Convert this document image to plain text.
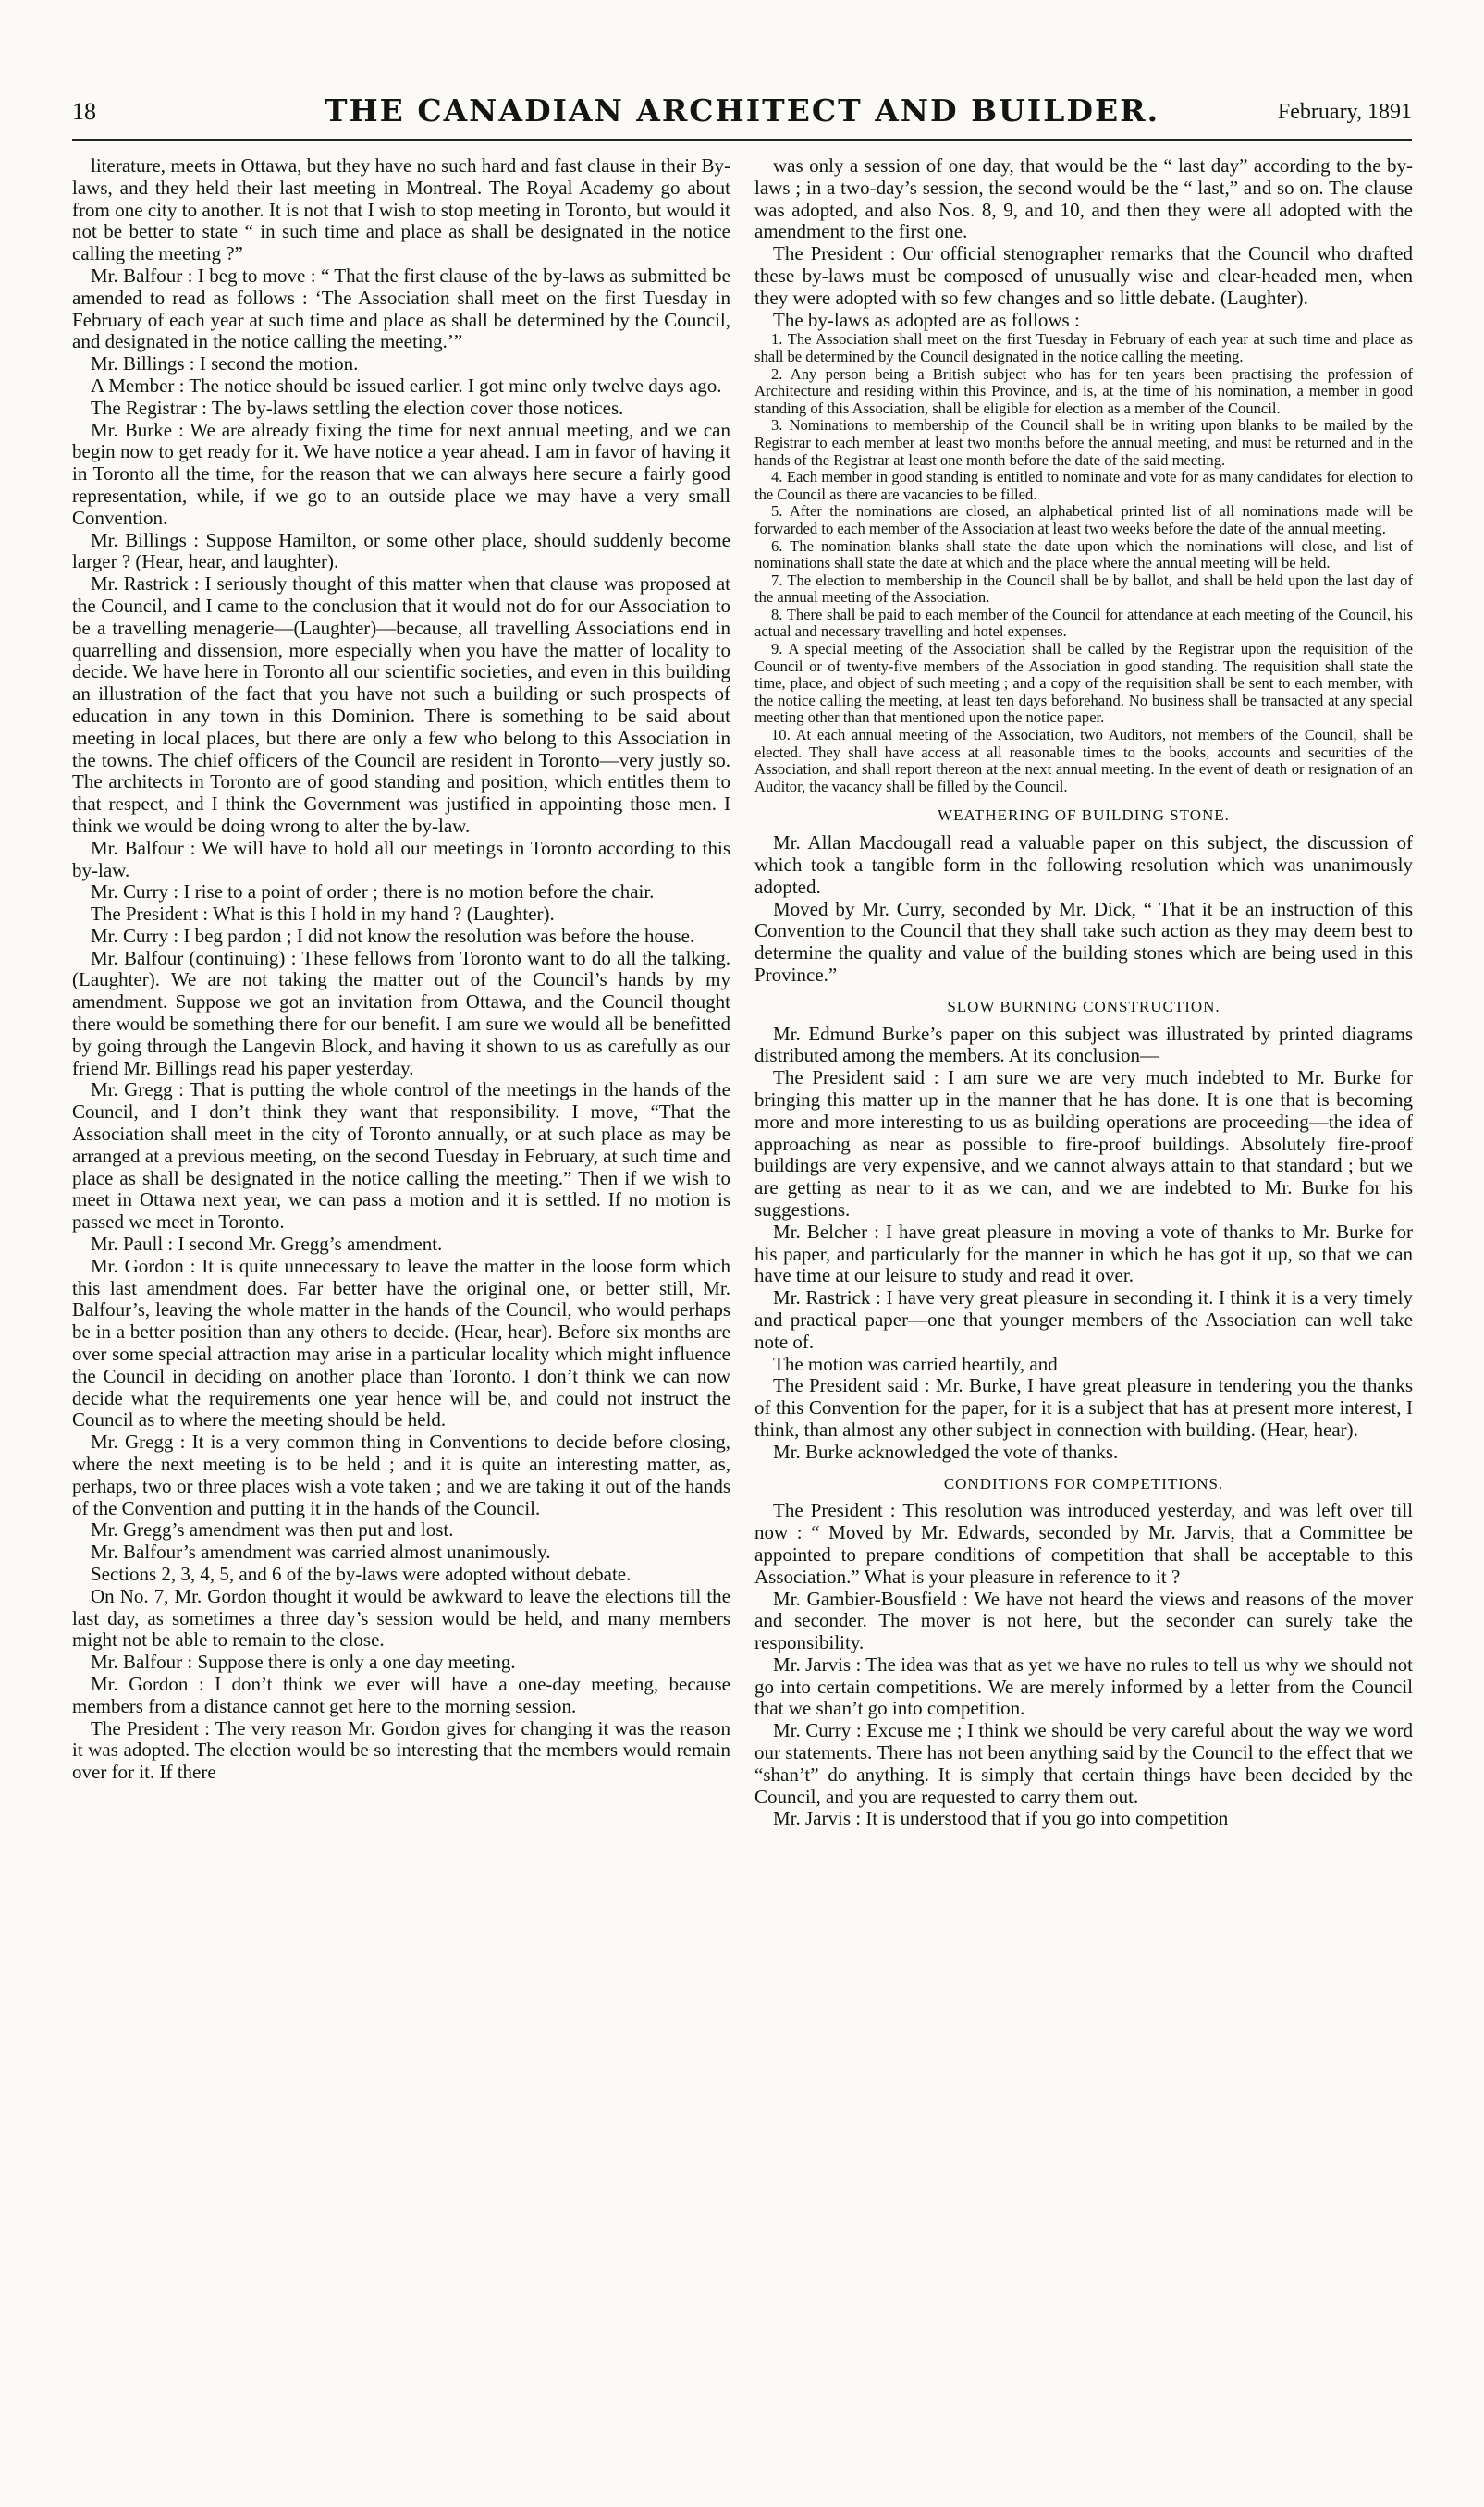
18	THE CANADIAN ARCHITECT AND BUILDER.	February, 1891

literature, meets in Ottawa, but they have no such hard and fast clause in their By-laws, and they held their last meeting in Montreal. The Royal Academy go about from one city to another. It is not that I wish to stop meeting in Toronto, but would it not be better to state “ in such time and place as shall be designated in the notice calling the meeting ?”

Mr. Balfour : I beg to move : “ That the first clause of the by-laws as submitted be amended to read as follows : ‘The Association shall meet on the first Tuesday in February of each year at such time and place as shall be determined by the Council, and designated in the notice calling the meeting.’”

Mr. Billings : I second the motion.

A Member : The notice should be issued earlier. I got mine only twelve days ago.

The Registrar : The by-laws settling the election cover those notices.

Mr. Burke : We are already fixing the time for next annual meeting, and we can begin now to get ready for it. We have notice a year ahead. I am in favor of having it in Toronto all the time, for the reason that we can always here secure a fairly good representation, while, if we go to an outside place we may have a very small Convention.

Mr. Billings : Suppose Hamilton, or some other place, should suddenly become larger ? (Hear, hear, and laughter).

Mr. Rastrick : I seriously thought of this matter when that clause was proposed at the Council, and I came to the conclusion that it would not do for our Association to be a travelling menagerie—(Laughter)—because, all travelling Associations end in quarrelling and dissension, more especially when you have the matter of locality to decide. We have here in Toronto all our scientific societies, and even in this building an illustration of the fact that you have not such a building or such prospects of education in any town in this Dominion. There is something to be said about meeting in local places, but there are only a few who belong to this Association in the towns. The chief officers of the Council are resident in Toronto—very justly so. The architects in Toronto are of good standing and position, which entitles them to that respect, and I think the Government was justified in appointing those men. I think we would be doing wrong to alter the by-law.

Mr. Balfour : We will have to hold all our meetings in Toronto according to this by-law.

Mr. Curry : I rise to a point of order ; there is no motion before the chair.

The President : What is this I hold in my hand ? (Laughter).

Mr. Curry : I beg pardon ; I did not know the resolution was before the house.

Mr. Balfour (continuing) : These fellows from Toronto want to do all the talking. (Laughter). We are not taking the matter out of the Council’s hands by my amendment. Suppose we got an invitation from Ottawa, and the Council thought there would be something there for our benefit. I am sure we would all be benefitted by going through the Langevin Block, and having it shown to us as carefully as our friend Mr. Billings read his paper yesterday.

Mr. Gregg : That is putting the whole control of the meetings in the hands of the Council, and I don’t think they want that responsibility. I move, “That the Association shall meet in the city of Toronto annually, or at such place as may be arranged at a previous meeting, on the second Tuesday in February, at such time and place as shall be designated in the notice calling the meeting.” Then if we wish to meet in Ottawa next year, we can pass a motion and it is settled. If no motion is passed we meet in Toronto.

Mr. Paull : I second Mr. Gregg’s amendment.

Mr. Gordon : It is quite unnecessary to leave the matter in the loose form which this last amendment does. Far better have the original one, or better still, Mr. Balfour’s, leaving the whole matter in the hands of the Council, who would perhaps be in a better position than any others to decide. (Hear, hear). Before six months are over some special attraction may arise in a particular locality which might influence the Council in deciding on another place than Toronto. I don’t think we can now decide what the requirements one year hence will be, and could not instruct the Council as to where the meeting should be held.

Mr. Gregg : It is a very common thing in Conventions to decide before closing, where the next meeting is to be held ; and it is quite an interesting matter, as, perhaps, two or three places wish a vote taken ; and we are taking it out of the hands of the Convention and putting it in the hands of the Council.

Mr. Gregg’s amendment was then put and lost.

Mr. Balfour’s amendment was carried almost unanimously.

Sections 2, 3, 4, 5, and 6 of the by-laws were adopted without debate.

On No. 7, Mr. Gordon thought it would be awkward to leave the elections till the last day, as sometimes a three day’s session would be held, and many members might not be able to remain to the close.

Mr. Balfour : Suppose there is only a one day meeting.

Mr. Gordon : I don’t think we ever will have a one-day meeting, because members from a distance cannot get here to the morning session.

The President : The very reason Mr. Gordon gives for changing it was the reason it was adopted. The election would be so interesting that the members would remain over for it. If there

was only a session of one day, that would be the “ last day” according to the by-laws ; in a two-day’s session, the second would be the “ last,” and so on. The clause was adopted, and also Nos. 8, 9, and 10, and then they were all adopted with the amendment to the first one.

The President : Our official stenographer remarks that the Council who drafted these by-laws must be composed of unusually wise and clear-headed men, when they were adopted with so few changes and so little debate. (Laughter).

The by-laws as adopted are as follows :

1. The Association shall meet on the first Tuesday in February of each year at such time and place as shall be determined by the Council designated in the notice calling the meeting.

2. Any person being a British subject who has for ten years been practising the profession of Architecture and residing within this Province, and is, at the time of his nomination, a member in good standing of this Association, shall be eligible for election as a member of the Council.

3. Nominations to membership of the Council shall be in writing upon blanks to be mailed by the Registrar to each member at least two months before the annual meeting, and must be returned and in the hands of the Registrar at least one month before the date of the said meeting.

4. Each member in good standing is entitled to nominate and vote for as many candidates for election to the Council as there are vacancies to be filled.

5. After the nominations are closed, an alphabetical printed list of all nominations made will be forwarded to each member of the Association at least two weeks before the date of the annual meeting.

6. The nomination blanks shall state the date upon which the nominations will close, and list of nominations shall state the date at which and the place where the annual meeting will be held.

7. The election to membership in the Council shall be by ballot, and shall be held upon the last day of the annual meeting of the Association.

8. There shall be paid to each member of the Council for attendance at each meeting of the Council, his actual and necessary travelling and hotel expenses.

9. A special meeting of the Association shall be called by the Registrar upon the requisition of the Council or of twenty-five members of the Association in good standing. The requisition shall state the time, place, and object of such meeting ; and a copy of the requisition shall be sent to each member, with the notice calling the meeting, at least ten days beforehand. No business shall be transacted at any special meeting other than that mentioned upon the notice paper.

10. At each annual meeting of the Association, two Auditors, not members of the Council, shall be elected. They shall have access at all reasonable times to the books, accounts and securities of the Association, and shall report thereon at the next annual meeting. In the event of death or resignation of an Auditor, the vacancy shall be filled by the Council.

WEATHERING OF BUILDING STONE.

Mr. Allan Macdougall read a valuable paper on this subject, the discussion of which took a tangible form in the following resolution which was unanimously adopted.

Moved by Mr. Curry, seconded by Mr. Dick, “ That it be an instruction of this Convention to the Council that they shall take such action as they may deem best to determine the quality and value of the building stones which are being used in this Province.”

SLOW BURNING CONSTRUCTION.

Mr. Edmund Burke’s paper on this subject was illustrated by printed diagrams distributed among the members. At its conclusion—

The President said : I am sure we are very much indebted to Mr. Burke for bringing this matter up in the manner that he has done. It is one that is becoming more and more interesting to us as building operations are proceeding—the idea of approaching as near as possible to fire-proof buildings. Absolutely fire-proof buildings are very expensive, and we cannot always attain to that standard ; but we are getting as near to it as we can, and we are indebted to Mr. Burke for his suggestions.

Mr. Belcher : I have great pleasure in moving a vote of thanks to Mr. Burke for his paper, and particularly for the manner in which he has got it up, so that we can have time at our leisure to study and read it over.

Mr. Rastrick : I have very great pleasure in seconding it. I think it is a very timely and practical paper—one that younger members of the Association can well take note of.

The motion was carried heartily, and

The President said : Mr. Burke, I have great pleasure in tendering you the thanks of this Convention for the paper, for it is a subject that has at present more interest, I think, than almost any other subject in connection with building. (Hear, hear).

Mr. Burke acknowledged the vote of thanks.

CONDITIONS FOR COMPETITIONS.

The President : This resolution was introduced yesterday, and was left over till now : “ Moved by Mr. Edwards, seconded by Mr. Jarvis, that a Committee be appointed to prepare conditions of competition that shall be acceptable to this Association.” What is your pleasure in reference to it ?

Mr. Gambier-Bousfield : We have not heard the views and reasons of the mover and seconder. The mover is not here, but the seconder can surely take the responsibility.

Mr. Jarvis : The idea was that as yet we have no rules to tell us why we should not go into certain competitions. We are merely informed by a letter from the Council that we shan’t go into competition.

Mr. Curry : Excuse me ; I think we should be very careful about the way we word our statements. There has not been anything said by the Council to the effect that we “shan’t” do anything. It is simply that certain things have been decided by the Council, and you are requested to carry them out.

Mr. Jarvis : It is understood that if you go into competition
